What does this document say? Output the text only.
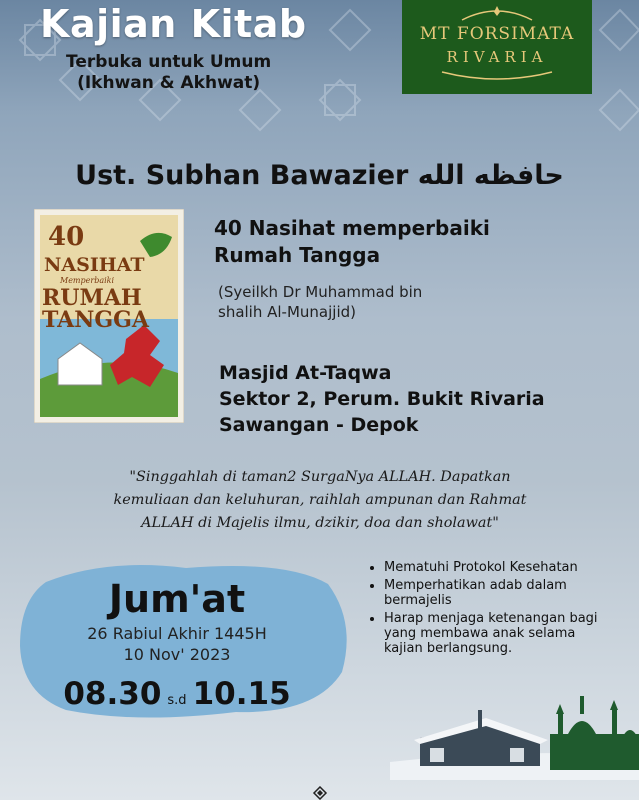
Kajian Kitab
Terbuka untuk Umum
(Ikhwan & Akhwat)
MT FORSIMATA
RIVARIA
Ust. Subhan Bawazier حافظه الله
40
NASIHAT
Memperbaiki
RUMAH
TANGGA
40 Nasihat memperbaiki
Rumah Tangga
(Syeilkh Dr Muhammad bin
shalih Al-Munajjid)
Masjid At-Taqwa
Sektor 2, Perum. Bukit Rivaria
Sawangan - Depok
"Singgahlah di taman2 SurgaNya ALLAH. Dapatkan
kemuliaan dan keluhuran, raihlah ampunan dan Rahmat
ALLAH di Majelis ilmu, dzikir, doa dan sholawat"
Jum'at
26 Rabiul Akhir 1445H
10 Nov' 2023
08.30 s.d 10.15
• Mematuhi Protokol Kesehatan
• Memperhatikan adab dalam bermajelis
• Harap menjaga ketenangan bagi yang membawa anak selama kajian berlangsung.
